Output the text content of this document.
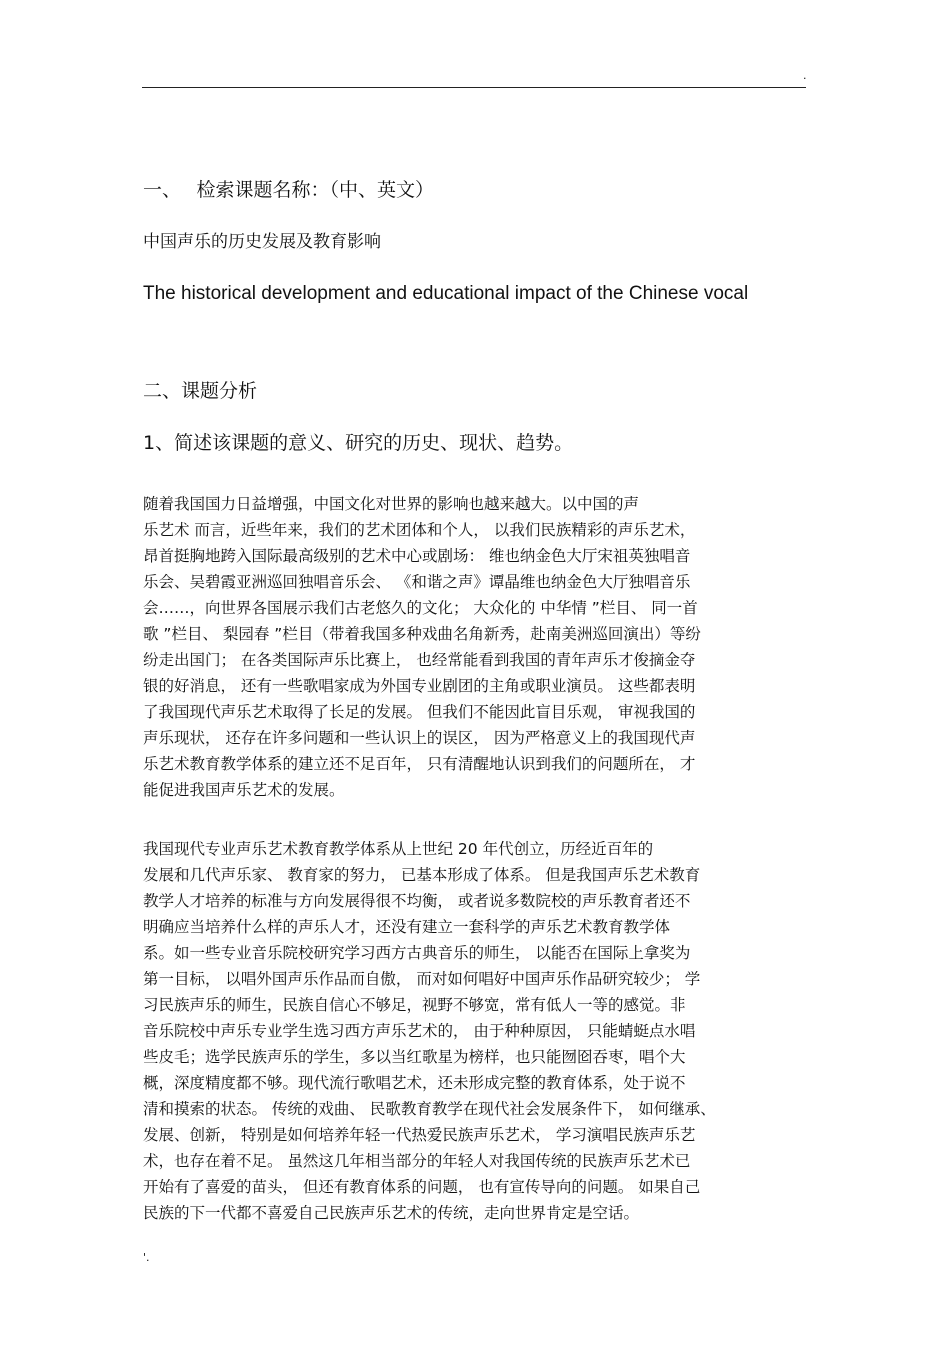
.
一、　 检索课题名称：（中、英文）
中国声乐的历史发展及教育影响
The historical development and educational impact of the Chinese vocal
二、课题分析
1、简述该课题的意义、研究的历史、现状、趋势。
随着我国国力日益增强，中国文化对世界的影响也越来越大。以中国的声
乐艺术 而言，近些年来，我们的艺术团体和个人， 以我们民族精彩的声乐艺术，
昂首挺胸地跨入国际最高级别的艺术中心或剧场： 维也纳金色大厅宋祖英独唱音
乐会、吴碧霞亚洲巡回独唱音乐会、 《和谐之声》谭晶维也纳金色大厅独唱音乐
会……，向世界各国展示我们古老悠久的文化； 大众化的 中华情 ”栏目、 同一首
歌 ”栏目、 梨园春 ”栏目（带着我国多种戏曲名角新秀，赴南美洲巡回演出）等纷
纷走出国门； 在各类国际声乐比赛上， 也经常能看到我国的青年声乐才俊摘金夺
银的好消息， 还有一些歌唱家成为外国专业剧团的主角或职业演员。 这些都表明
了我国现代声乐艺术取得了长足的发展。 但我们不能因此盲目乐观， 审视我国的
声乐现状， 还存在许多问题和一些认识上的误区， 因为严格意义上的我国现代声
乐艺术教育教学体系的建立还不足百年， 只有清醒地认识到我们的问题所在， 才
能促进我国声乐艺术的发展。
我国现代专业声乐艺术教育教学体系从上世纪 20 年代创立，历经近百年的
发展和几代声乐家、 教育家的努力， 已基本形成了体系。 但是我国声乐艺术教育
教学人才培养的标准与方向发展得很不均衡， 或者说多数院校的声乐教育者还不
明确应当培养什么样的声乐人才，还没有建立一套科学的声乐艺术教育教学体
系。如一些专业音乐院校研究学习西方古典音乐的师生， 以能否在国际上拿奖为
第一目标， 以唱外国声乐作品而自傲， 而对如何唱好中国声乐作品研究较少； 学
习民族声乐的师生，民族自信心不够足，视野不够宽，常有低人一等的感觉。非
音乐院校中声乐专业学生选习西方声乐艺术的， 由于种种原因， 只能蜻蜓点水唱
些皮毛；选学民族声乐的学生，多以当红歌星为榜样，也只能囫囵吞枣，唱个大
概，深度精度都不够。现代流行歌唱艺术，还未形成完整的教育体系，处于说不
清和摸索的状态。 传统的戏曲、 民歌教育教学在现代社会发展条件下， 如何继承、
发展、创新， 特别是如何培养年轻一代热爱民族声乐艺术， 学习演唱民族声乐艺
术，也存在着不足。 虽然这几年相当部分的年轻人对我国传统的民族声乐艺术已
开始有了喜爱的苗头， 但还有教育体系的问题， 也有宣传导向的问题。 如果自己
民族的下一代都不喜爱自己民族声乐艺术的传统，走向世界肯定是空话。
'.
